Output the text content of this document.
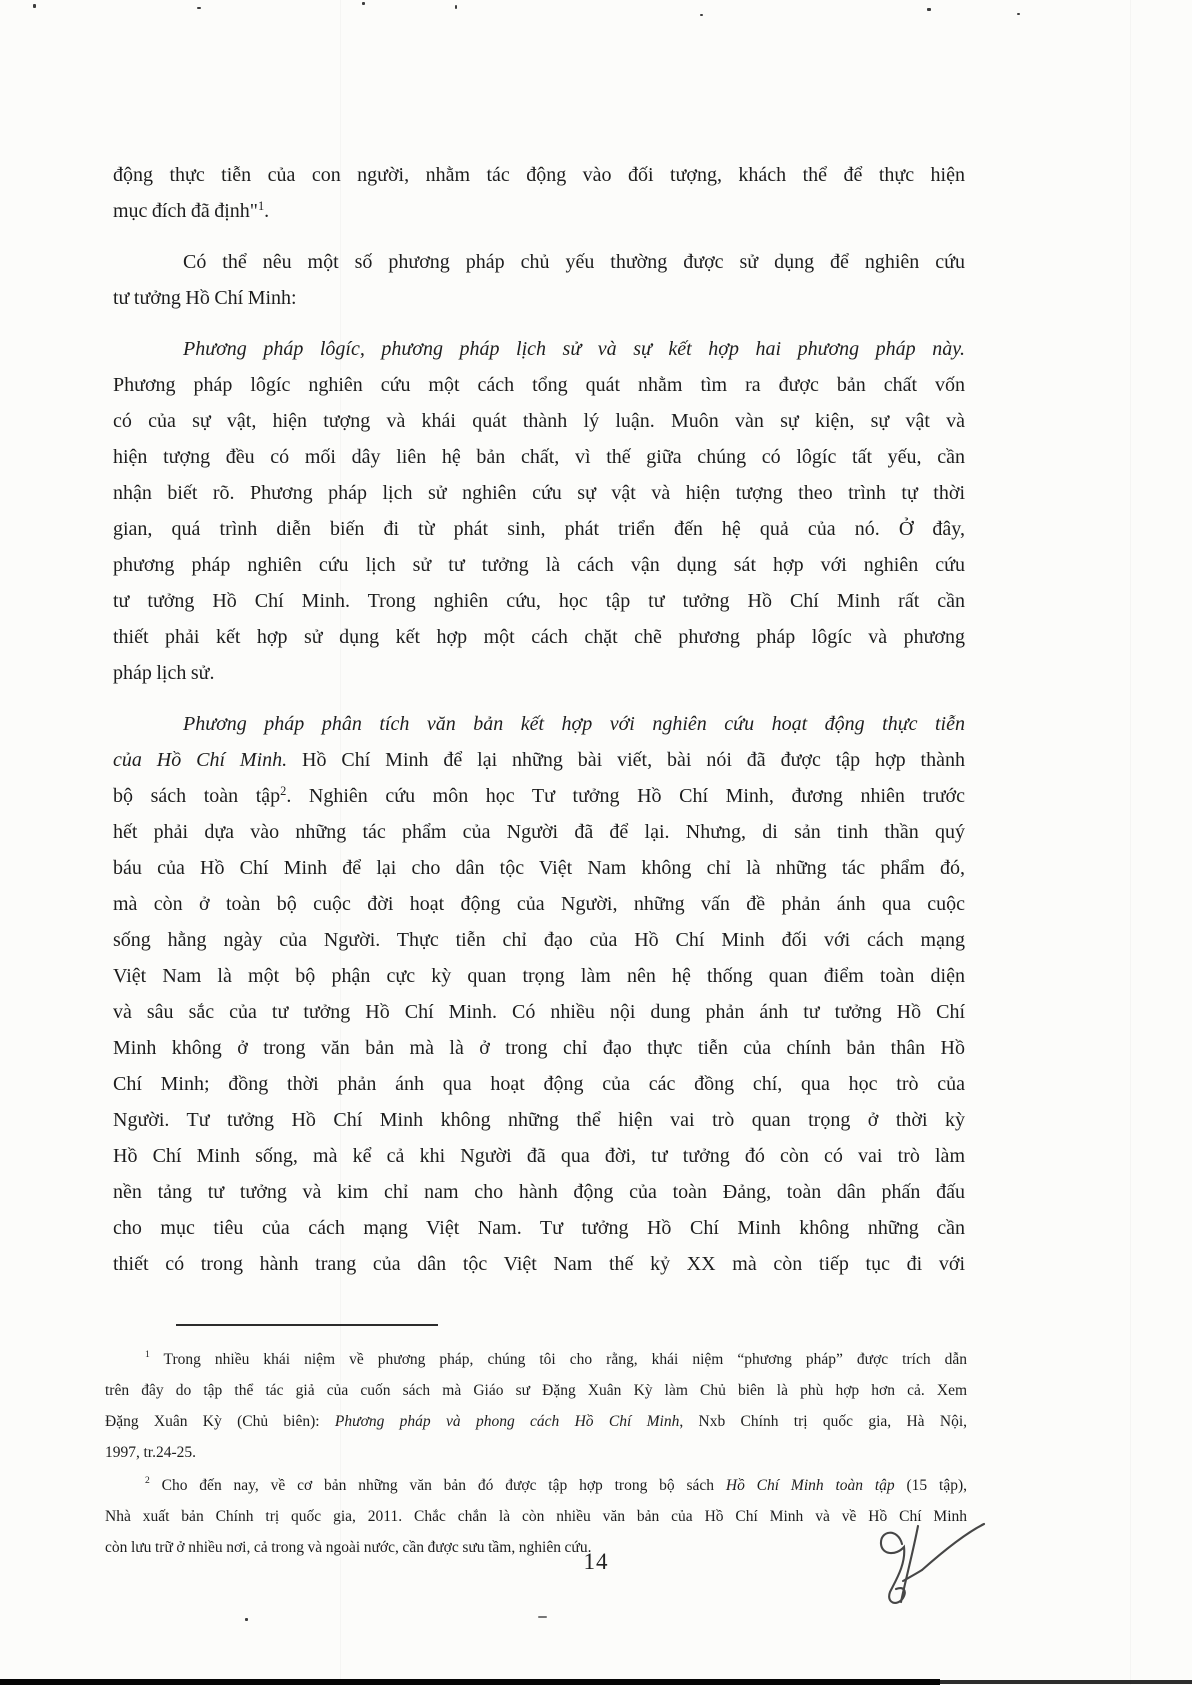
động thực tiễn của con người, nhằm tác động vào đối tượng, khách thể để thực hiện
mục đích đã định"$^1$.
Có thể nêu một số phương pháp chủ yếu thường được sử dụng để nghiên cứu
tư tưởng Hồ Chí Minh:
Phương pháp lôgíc, phương pháp lịch sử và sự kết hợp hai phương pháp này.
Phương pháp lôgíc nghiên cứu một cách tổng quát nhằm tìm ra được bản chất vốn
có của sự vật, hiện tượng và khái quát thành lý luận. Muôn vàn sự kiện, sự vật và
hiện tượng đều có mối dây liên hệ bản chất, vì thế giữa chúng có lôgíc tất yếu, cần
nhận biết rõ. Phương pháp lịch sử nghiên cứu sự vật và hiện tượng theo trình tự thời
gian, quá trình diễn biến đi từ phát sinh, phát triển đến hệ quả của nó. Ở đây,
phương pháp nghiên cứu lịch sử tư tưởng là cách vận dụng sát hợp với nghiên cứu
tư tưởng Hồ Chí Minh. Trong nghiên cứu, học tập tư tưởng Hồ Chí Minh rất cần
thiết phải kết hợp sử dụng kết hợp một cách chặt chẽ phương pháp lôgíc và phương
pháp lịch sử.
Phương pháp phân tích văn bản kết hợp với nghiên cứu hoạt động thực tiễn
của Hồ Chí Minh. Hồ Chí Minh để lại những bài viết, bài nói đã được tập hợp thành
bộ sách toàn tập$^2$. Nghiên cứu môn học Tư tưởng Hồ Chí Minh, đương nhiên trước
hết phải dựa vào những tác phẩm của Người đã để lại. Nhưng, di sản tinh thần quý
báu của Hồ Chí Minh để lại cho dân tộc Việt Nam không chỉ là những tác phẩm đó,
mà còn ở toàn bộ cuộc đời hoạt động của Người, những vấn đề phản ánh qua cuộc
sống hằng ngày của Người. Thực tiễn chỉ đạo của Hồ Chí Minh đối với cách mạng
Việt Nam là một bộ phận cực kỳ quan trọng làm nên hệ thống quan điểm toàn diện
và sâu sắc của tư tưởng Hồ Chí Minh. Có nhiều nội dung phản ánh tư tưởng Hồ Chí
Minh không ở trong văn bản mà là ở trong chỉ đạo thực tiễn của chính bản thân Hồ
Chí Minh; đồng thời phản ánh qua hoạt động của các đồng chí, qua học trò của
Người. Tư tưởng Hồ Chí Minh không những thể hiện vai trò quan trọng ở thời kỳ
Hồ Chí Minh sống, mà kể cả khi Người đã qua đời, tư tưởng đó còn có vai trò làm
nền tảng tư tưởng và kim chỉ nam cho hành động của toàn Đảng, toàn dân phấn đấu
cho mục tiêu của cách mạng Việt Nam. Tư tưởng Hồ Chí Minh không những cần
thiết có trong hành trang của dân tộc Việt Nam thế kỷ XX mà còn tiếp tục đi với
$^1$ Trong nhiều khái niệm về phương pháp, chúng tôi cho rằng, khái niệm “phương pháp” được trích dẫn
trên đây do tập thể tác giả của cuốn sách mà Giáo sư Đặng Xuân Kỳ làm Chủ biên là phù hợp hơn cả. Xem
Đặng Xuân Kỳ (Chủ biên): Phương pháp và phong cách Hồ Chí Minh, Nxb Chính trị quốc gia, Hà Nội,
1997, tr.24-25.
$^2$ Cho đến nay, về cơ bản những văn bản đó được tập hợp trong bộ sách Hồ Chí Minh toàn tập (15 tập),
Nhà xuất bản Chính trị quốc gia, 2011. Chắc chắn là còn nhiều văn bản của Hồ Chí Minh và về Hồ Chí Minh
còn lưu trữ ở nhiều nơi, cả trong và ngoài nước, cần được sưu tầm, nghiên cứu.
14
